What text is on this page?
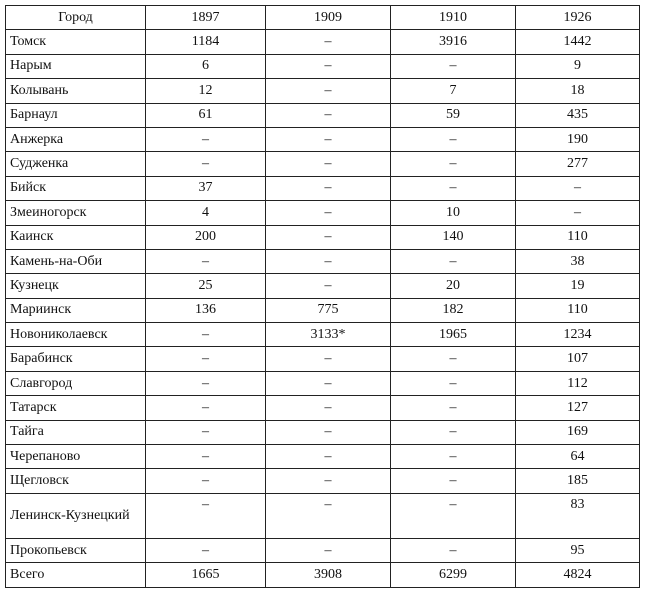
Город	1897	1909	1910	1926
Томск	1184	–	3916	1442
Нарым	6	–	–	9
Колывань	12	–	7	18
Барнаул	61	–	59	435
Анжерка	–	–	–	190
Судженка	–	–	–	277
Бийск	37	–	–	–
Змеиногорск	4	–	10	–
Каинск	200	–	140	110
Камень-на-Оби	–	–	–	38
Кузнецк	25	–	20	19
Мариинск	136	775	182	110
Новониколаевск	–	3133*	1965	1234
Барабинск	–	–	–	107
Славгород	–	–	–	112
Татарск	–	–	–	127
Тайга	–	–	–	169
Черепаново	–	–	–	64
Щегловск	–	–	–	185
Ленинск-Кузнецкий	–	–	–	83
Прокопьевск	–	–	–	95
Всего	1665	3908	6299	4824
